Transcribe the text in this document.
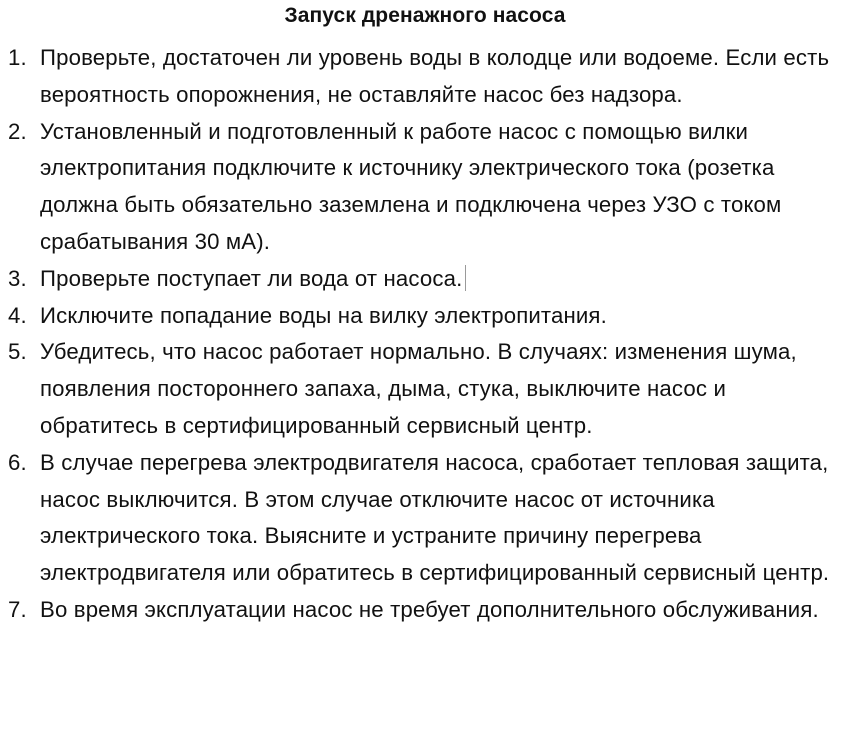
Запуск дренажного насоса
1. Проверьте, достаточен ли уровень воды в колодце или водоеме. Если есть вероятность опорожнения, не оставляйте насос без надзора.
2. Установленный и подготовленный к работе насос с помощью вилки электропитания подключите к источнику электрического тока (розетка должна быть обязательно заземлена и подключена через УЗО с током срабатывания 30 мА).
3. Проверьте поступает ли вода от насоса.
4. Исключите попадание воды на вилку электропитания.
5. Убедитесь, что насос работает нормально. В случаях: изменения шума, появления постороннего запаха, дыма, стука, выключите насос и обратитесь в сертифицированный сервисный центр.
6. В случае перегрева электродвигателя насоса, сработает тепловая защита, насос выключится. В этом случае отключите насос от источника электрического тока. Выясните и устраните причину перегрева электродвигателя или обратитесь в сертифицированный сервисный центр.
7. Во время эксплуатации насос не требует дополнительного обслуживания.
